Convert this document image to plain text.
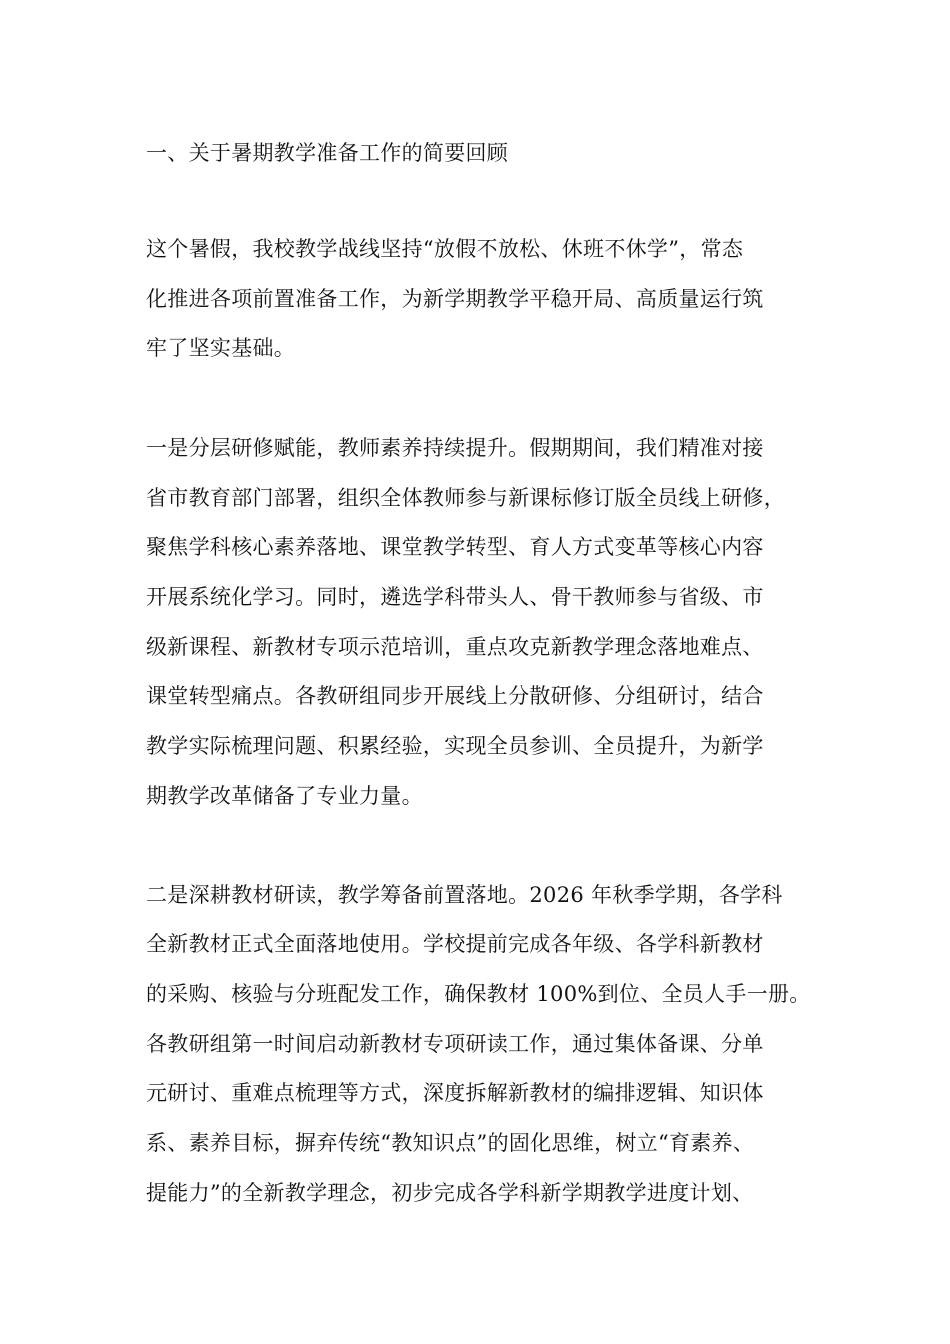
一、关于暑期教学准备工作的简要回顾
这个暑假，我校教学战线坚持“放假不放松、休班不休学”，常态
化推进各项前置准备工作，为新学期教学平稳开局、高质量运行筑
牢了坚实基础。
一是分层研修赋能，教师素养持续提升。假期期间，我们精准对接
省市教育部门部署，组织全体教师参与新课标修订版全员线上研修，
聚焦学科核心素养落地、课堂教学转型、育人方式变革等核心内容
开展系统化学习。同时，遴选学科带头人、骨干教师参与省级、市
级新课程、新教材专项示范培训，重点攻克新教学理念落地难点、
课堂转型痛点。各教研组同步开展线上分散研修、分组研讨，结合
教学实际梳理问题、积累经验，实现全员参训、全员提升，为新学
期教学改革储备了专业力量。
二是深耕教材研读，教学筹备前置落地。2026 年秋季学期，各学科
全新教材正式全面落地使用。学校提前完成各年级、各学科新教材
的采购、核验与分班配发工作，确保教材 100%到位、全员人手一册。
各教研组第一时间启动新教材专项研读工作，通过集体备课、分单
元研讨、重难点梳理等方式，深度拆解新教材的编排逻辑、知识体
系、素养目标，摒弃传统“教知识点”的固化思维，树立“育素养、
提能力”的全新教学理念，初步完成各学科新学期教学进度计划、
